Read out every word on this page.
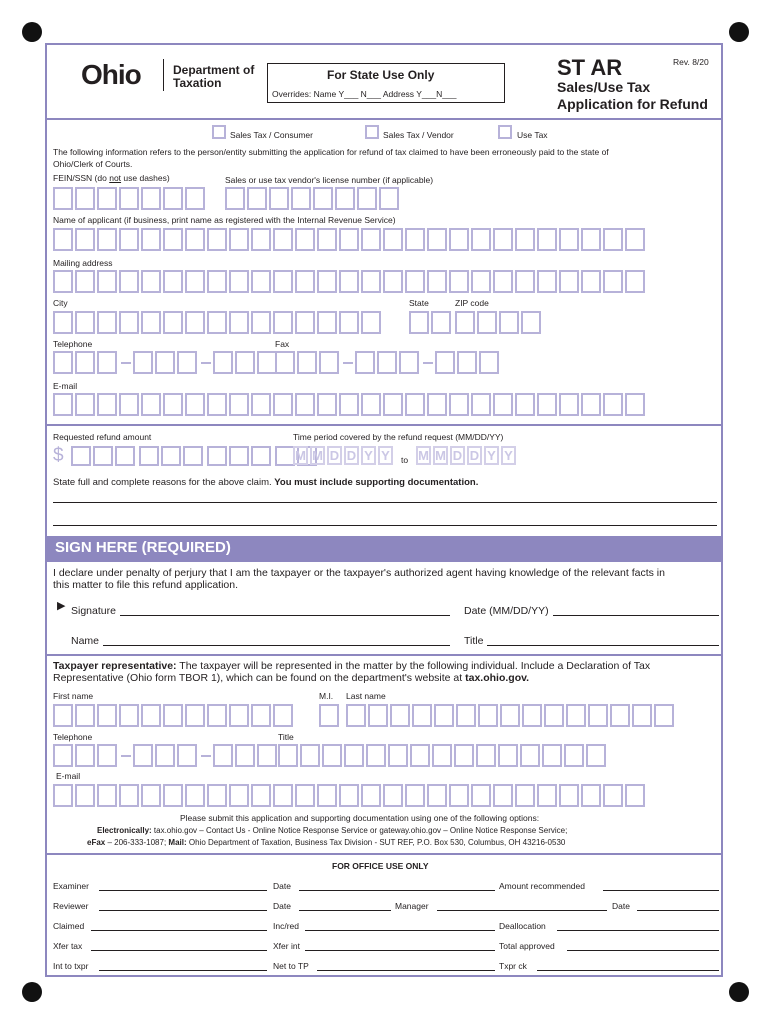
Ohio	Department of
Taxation
For State Use Only
Overrides: Name Y___ N___ Address Y___N___
ST AR	Rev. 8/20
Sales/Use Tax
Application for Refund
Sales Tax / Consumer	Sales Tax / Vendor	Use Tax
The following information refers to the person/entity submitting the application for refund of tax claimed to have been erroneously paid to the state of
Ohio/Clerk of Courts.
FEIN/SSN (do not use dashes)	Sales or use tax vendor's license number (if applicable)
Name of applicant (if business, print name as registered with the Internal Revenue Service)
Mailing address
City	State	ZIP code
Telephone	Fax
E-mail
Requested refund amount	Time period covered by the refund request (MM/DD/YY)
$	M M D D Y Y	to M M D D Y Y
State full and complete reasons for the above claim. You must include supporting documentation.
SIGN HERE (REQUIRED)
I declare under penalty of perjury that I am the taxpayer or the taxpayer's authorized agent having knowledge of the relevant facts in
this matter to file this refund application.
▶ Signature	Date (MM/DD/YY)
Name	Title
Taxpayer representative: The taxpayer will be represented in the matter by the following individual. Include a Declaration of Tax
Representative (Ohio form TBOR 1), which can be found on the department's website at tax.ohio.gov.
First name	M.I. Last name
Telephone	Title
E-mail
Please submit this application and supporting documentation using one of the following options:
Electronically: tax.ohio.gov – Contact Us - Online Notice Response Service or gateway.ohio.gov – Online Notice Response Service;
eFax – 206-333-1087; Mail: Ohio Department of Taxation, Business Tax Division - SUT REF, P.O. Box 530, Columbus, OH 43216-0530
FOR OFFICE USE ONLY
Examiner	Date	Amount recommended
Reviewer	Date	Manager	Date
Claimed	Inc/red	Deallocation
Xfer tax	Xfer int	Total approved
Int to txpr	Net to TP	Txpr ck
